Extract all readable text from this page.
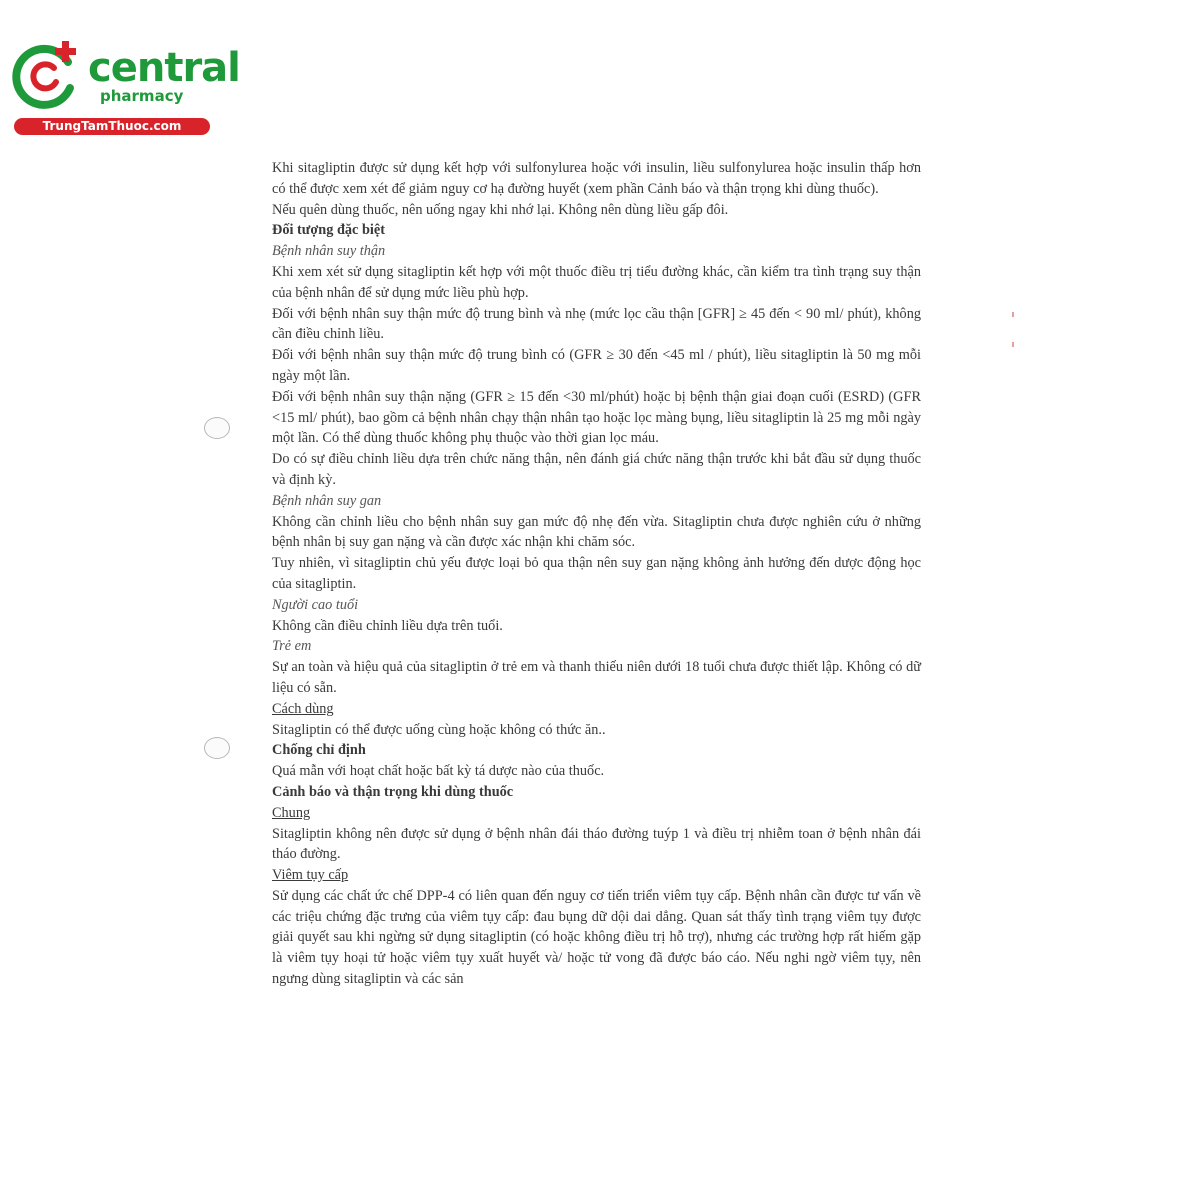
central
pharmacy
TrungTamThuoc.com

Khi sitagliptin được sử dụng kết hợp với sulfonylurea hoặc với insulin, liều sulfonylurea hoặc insulin thấp hơn có thể được xem xét để giảm nguy cơ hạ đường huyết (xem phần Cảnh báo và thận trọng khi dùng thuốc).

Nếu quên dùng thuốc, nên uống ngay khi nhớ lại. Không nên dùng liều gấp đôi.

Đối tượng đặc biệt

Bệnh nhân suy thận

Khi xem xét sử dụng sitagliptin kết hợp với một thuốc điều trị tiểu đường khác, cần kiểm tra tình trạng suy thận của bệnh nhân để sử dụng mức liều phù hợp.

Đối với bệnh nhân suy thận mức độ trung bình và nhẹ (mức lọc cầu thận [GFR] ≥ 45 đến < 90 ml/ phút), không cần điều chỉnh liều.

Đối với bệnh nhân suy thận mức độ trung bình có (GFR ≥ 30 đến <45 ml / phút), liều sitagliptin là 50 mg mỗi ngày một lần.

Đối với bệnh nhân suy thận nặng (GFR ≥ 15 đến <30 ml/phút) hoặc bị bệnh thận giai đoạn cuối (ESRD) (GFR <15 ml/ phút), bao gồm cả bệnh nhân chạy thận nhân tạo hoặc lọc màng bụng, liều sitagliptin là 25 mg mỗi ngày một lần. Có thể dùng thuốc không phụ thuộc vào thời gian lọc máu.

Do có sự điều chỉnh liều dựa trên chức năng thận, nên đánh giá chức năng thận trước khi bắt đầu sử dụng thuốc và định kỳ.

Bệnh nhân suy gan

Không cần chỉnh liều cho bệnh nhân suy gan mức độ nhẹ đến vừa. Sitagliptin chưa được nghiên cứu ở những bệnh nhân bị suy gan nặng và cần được xác nhận khi chăm sóc.

Tuy nhiên, vì sitagliptin chủ yếu được loại bỏ qua thận nên suy gan nặng không ảnh hưởng đến dược động học của sitagliptin.

Người cao tuổi

Không cần điều chỉnh liều dựa trên tuổi.

Trẻ em

Sự an toàn và hiệu quả của sitagliptin ở trẻ em và thanh thiếu niên dưới 18 tuổi chưa được thiết lập. Không có dữ liệu có sẵn.

Cách dùng

Sitagliptin có thể được uống cùng hoặc không có thức ăn..

Chống chỉ định

Quá mẫn với hoạt chất hoặc bất kỳ tá dược nào của thuốc.

Cảnh báo và thận trọng khi dùng thuốc

Chung

Sitagliptin không nên được sử dụng ở bệnh nhân đái tháo đường tuýp 1 và điều trị nhiễm toan ở bệnh nhân đái tháo đường.

Viêm tụy cấp

Sử dụng các chất ức chế DPP-4 có liên quan đến nguy cơ tiến triển viêm tụy cấp. Bệnh nhân cần được tư vấn về các triệu chứng đặc trưng của viêm tụy cấp: đau bụng dữ dội dai dẳng. Quan sát thấy tình trạng viêm tụy được giải quyết sau khi ngừng sử dụng sitagliptin (có hoặc không điều trị hỗ trợ), nhưng các trường hợp rất hiếm gặp là viêm tụy hoại tử hoặc viêm tụy xuất huyết và/ hoặc tử vong đã được báo cáo. Nếu nghi ngờ viêm tụy, nên ngưng dùng sitagliptin và các sản
